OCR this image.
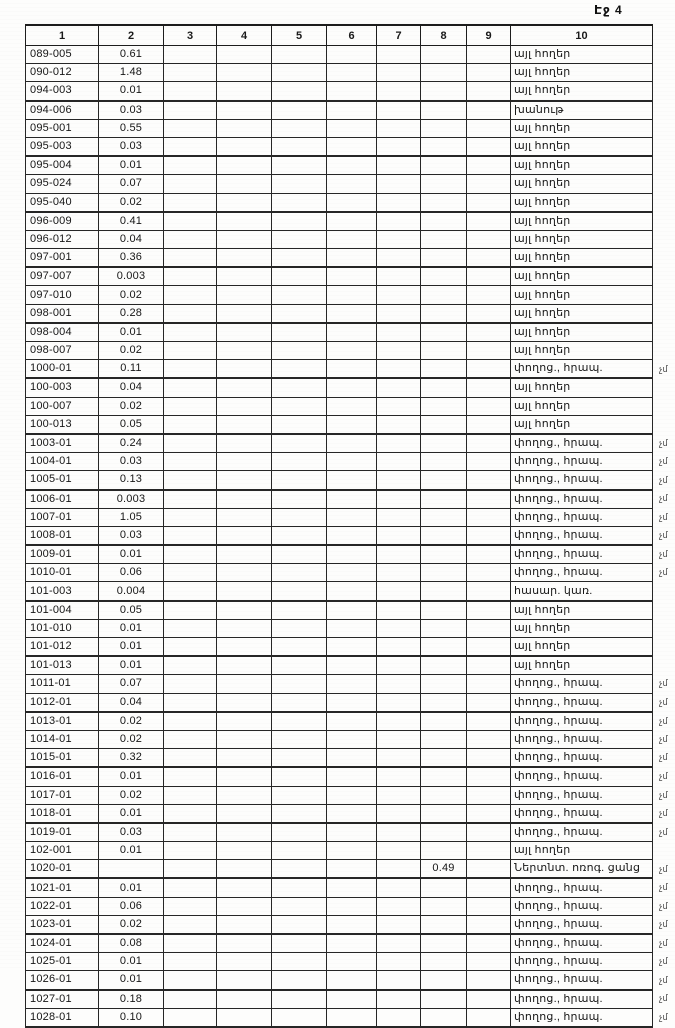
Էջ 4
1	2	3	4	5	6	7	8	9	10	
089-005	0.61								այլ հողեր	
090-012	1.48								այլ հողեր	
094-003	0.01								այլ հողեր	
094-006	0.03								խանութ	
095-001	0.55								այլ հողեր	
095-003	0.03								այլ հողեր	
095-004	0.01								այլ հողեր	
095-024	0.07								այլ հողեր	
095-040	0.02								այլ հողեր	
096-009	0.41								այլ հողեր	
096-012	0.04								այլ հողեր	
097-001	0.36								այլ հողեր	
097-007	0.003								այլ հողեր	
097-010	0.02								այլ հողեր	
098-001	0.28								այլ հողեր	
098-004	0.01								այլ հողեր	
098-007	0.02								այլ հողեր	
1000-01	0.11								փողոց., հրապ.	չմ
100-003	0.04								այլ հողեր	
100-007	0.02								այլ հողեր	
100-013	0.05								այլ հողեր	
1003-01	0.24								փողոց., հրապ.	չմ
1004-01	0.03								փողոց., հրապ.	չմ
1005-01	0.13								փողոց., հրապ.	չմ
1006-01	0.003								փողոց., հրապ.	չմ
1007-01	1.05								փողոց., հրապ.	չմ
1008-01	0.03								փողոց., հրապ.	չմ
1009-01	0.01								փողոց., հրապ.	չմ
1010-01	0.06								փողոց., հրապ.	չմ
101-003	0.004								հասար. կառ.	
101-004	0.05								այլ հողեր	
101-010	0.01								այլ հողեր	
101-012	0.01								այլ հողեր	
101-013	0.01								այլ հողեր	
1011-01	0.07								փողոց., հրապ.	չմ
1012-01	0.04								փողոց., հրապ.	չմ
1013-01	0.02								փողոց., հրապ.	չմ
1014-01	0.02								փողոց., հրապ.	չմ
1015-01	0.32								փողոց., հրապ.	չմ
1016-01	0.01								փողոց., հրապ.	չմ
1017-01	0.02								փողոց., հրապ.	չմ
1018-01	0.01								փողոց., հրապ.	չմ
1019-01	0.03								փողոց., հրապ.	չմ
102-001	0.01								այլ հողեր	
1020-01							0.49		Ներտնտ. ոռոգ. ցանց	չմ
1021-01	0.01								փողոց., հրապ.	չմ
1022-01	0.06								փողոց., հրապ.	չմ
1023-01	0.02								փողոց., հրապ.	չմ
1024-01	0.08								փողոց., հրապ.	չմ
1025-01	0.01								փողոց., հրապ.	չմ
1026-01	0.01								փողոց., հրապ.	չմ
1027-01	0.18								փողոց., հրապ.	չմ
1028-01	0.10								փողոց., հրապ.	չմ
